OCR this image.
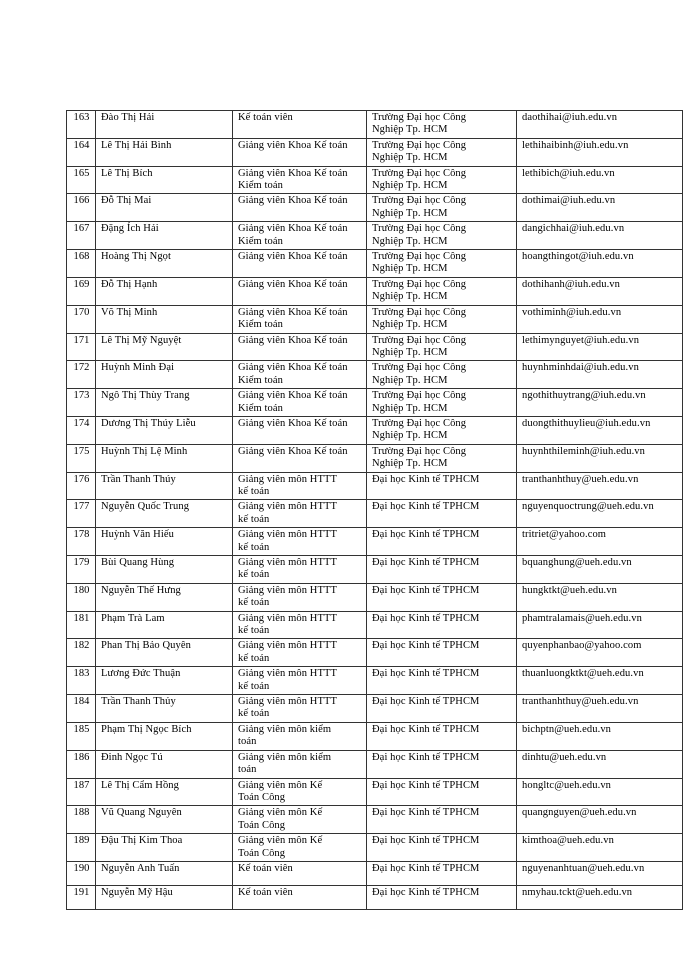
163	Đào Thị Hải	Kế toán viên	Trường Đại học Công
Nghiệp Tp. HCM	daothihai@iuh.edu.vn
164	Lê Thị Hải Bình	Giảng viên Khoa Kế toán	Trường Đại học Công
Nghiệp Tp. HCM	lethihaibinh@iuh.edu.vn
165	Lê Thị Bích	Giảng viên Khoa Kế toán
Kiểm toán	Trường Đại học Công
Nghiệp Tp. HCM	lethibich@iuh.edu.vn
166	Đỗ Thị Mai	Giảng viên Khoa Kế toán	Trường Đại học Công
Nghiệp Tp. HCM	dothimai@iuh.edu.vn
167	Đặng Ích Hải	Giảng viên Khoa Kế toán
Kiểm toán	Trường Đại học Công
Nghiệp Tp. HCM	dangichhai@iuh.edu.vn
168	Hoàng Thị Ngọt	Giảng viên Khoa Kế toán	Trường Đại học Công
Nghiệp Tp. HCM	hoangthingot@iuh.edu.vn
169	Đỗ Thị Hạnh	Giảng viên Khoa Kế toán	Trường Đại học Công
Nghiệp Tp. HCM	dothihanh@iuh.edu.vn
170	Võ Thị Minh	Giảng viên Khoa Kế toán
Kiểm toán	Trường Đại học Công
Nghiệp Tp. HCM	vothiminh@iuh.edu.vn
171	Lê Thị Mỹ Nguyệt	Giảng viên Khoa Kế toán	Trường Đại học Công
Nghiệp Tp. HCM	lethimynguyet@iuh.edu.vn
172	Huỳnh Minh Đại	Giảng viên Khoa Kế toán
Kiểm toán	Trường Đại học Công
Nghiệp Tp. HCM	huynhminhdai@iuh.edu.vn
173	Ngô Thị Thùy Trang	Giảng viên Khoa Kế toán
Kiểm toán	Trường Đại học Công
Nghiệp Tp. HCM	ngothithuytrang@iuh.edu.vn
174	Dương Thị Thúy Liễu	Giảng viên Khoa Kế toán	Trường Đại học Công
Nghiệp Tp. HCM	duongthithuylieu@iuh.edu.vn
175	Huỳnh Thị Lệ Minh	Giảng viên Khoa Kế toán	Trường Đại học Công
Nghiệp Tp. HCM	huynhthileminh@iuh.edu.vn
176	Trần Thanh Thúy	Giảng viên môn HTTT
kế toán	Đại học Kinh tế TPHCM	tranthanhthuy@ueh.edu.vn
177	Nguyễn Quốc Trung	Giảng viên môn HTTT
kế toán	Đại học Kinh tế TPHCM	nguyenquoctrung@ueh.edu.vn
178	Huỳnh Văn Hiếu	Giảng viên môn HTTT
kế toán	Đại học Kinh tế TPHCM	tritriet@yahoo.com
179	Bùi Quang Hùng	Giảng viên môn HTTT
kế toán	Đại học Kinh tế TPHCM	bquanghung@ueh.edu.vn
180	Nguyễn Thế Hưng	Giảng viên môn HTTT
kế toán	Đại học Kinh tế TPHCM	hungktkt@ueh.edu.vn
181	Phạm Trà Lam	Giảng viên môn HTTT
kế toán	Đại học Kinh tế TPHCM	phamtralamais@ueh.edu.vn
182	Phan Thị Bảo Quyên	Giảng viên môn HTTT
kế toán	Đại học Kinh tế TPHCM	quyenphanbao@yahoo.com
183	Lương Đức Thuận	Giảng viên môn HTTT
kế toán	Đại học Kinh tế TPHCM	thuanluongktkt@ueh.edu.vn
184	Trần Thanh Thủy	Giảng viên môn HTTT
kế toán	Đại học Kinh tế TPHCM	tranthanhthuy@ueh.edu.vn
185	Phạm Thị Ngọc Bích	Giảng viên môn kiểm
toán	Đại học Kinh tế TPHCM	bichptn@ueh.edu.vn
186	Đinh Ngọc Tú	Giảng viên môn kiểm
toán	Đại học Kinh tế TPHCM	dinhtu@ueh.edu.vn
187	Lê Thị Cẩm Hồng	Giảng viên môn Kế
Toán Công	Đại học Kinh tế TPHCM	hongltc@ueh.edu.vn
188	Vũ Quang Nguyên	Giảng viên môn Kế
Toán Công	Đại học Kinh tế TPHCM	quangnguyen@ueh.edu.vn
189	Đậu Thị Kim Thoa	Giảng viên môn Kế
Toán Công	Đại học Kinh tế TPHCM	kimthoa@ueh.edu.vn
190	Nguyễn Anh Tuấn	Kế toán viên	Đại học Kinh tế TPHCM	nguyenanhtuan@ueh.edu.vn
191	Nguyễn Mỹ Hậu	Kế toán viên	Đại học Kinh tế TPHCM	nmyhau.tckt@ueh.edu.vn
